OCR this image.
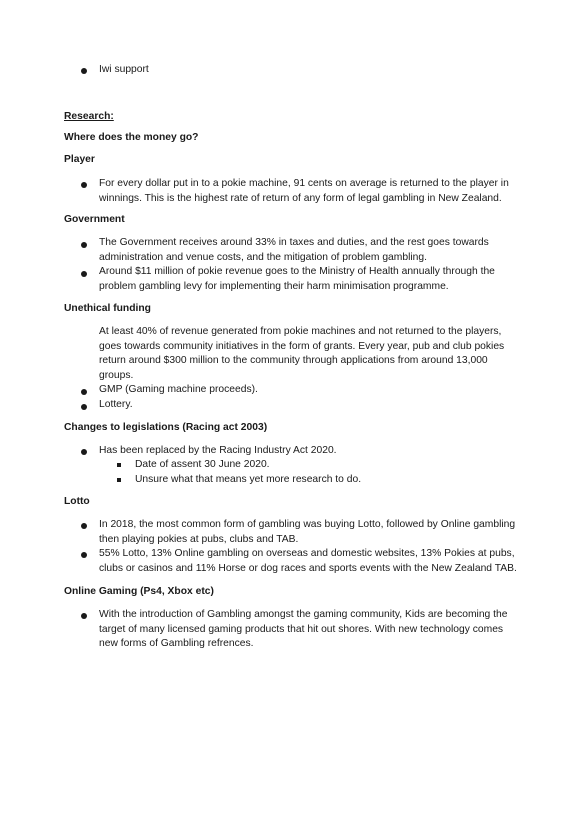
Iwi support
Research:
Where does the money go?
Player
For every dollar put in to a pokie machine, 91 cents on average is returned to the player in winnings. This is the highest rate of return of any form of legal gambling in New Zealand.
Government
The Government receives around 33% in taxes and duties, and the rest goes towards administration and venue costs, and the mitigation of problem gambling.
Around $11 million of pokie revenue goes to the Ministry of Health annually through the problem gambling levy for implementing their harm minimisation programme.
Unethical funding
At least 40% of revenue generated from pokie machines and not returned to the players, goes towards community initiatives in the form of grants. Every year, pub and club pokies return around $300 million to the community through applications from around 13,000 groups.
GMP (Gaming machine proceeds).
Lottery.
Changes to legislations (Racing act 2003)
Has been replaced by the Racing Industry Act 2020.
Date of assent 30 June 2020.
Unsure what that means yet more research to do.
Lotto
In 2018, the most common form of gambling was buying Lotto, followed by Online gambling then playing pokies at pubs, clubs and TAB.
55% Lotto, 13% Online gambling on overseas and domestic websites, 13% Pokies at pubs, clubs or casinos and 11% Horse or dog races and sports events with the New Zealand TAB.
Online Gaming (Ps4, Xbox etc)
With the introduction of Gambling amongst the gaming community, Kids are becoming the target of many licensed gaming products that hit out shores. With new technology comes new forms of Gambling refrences.
